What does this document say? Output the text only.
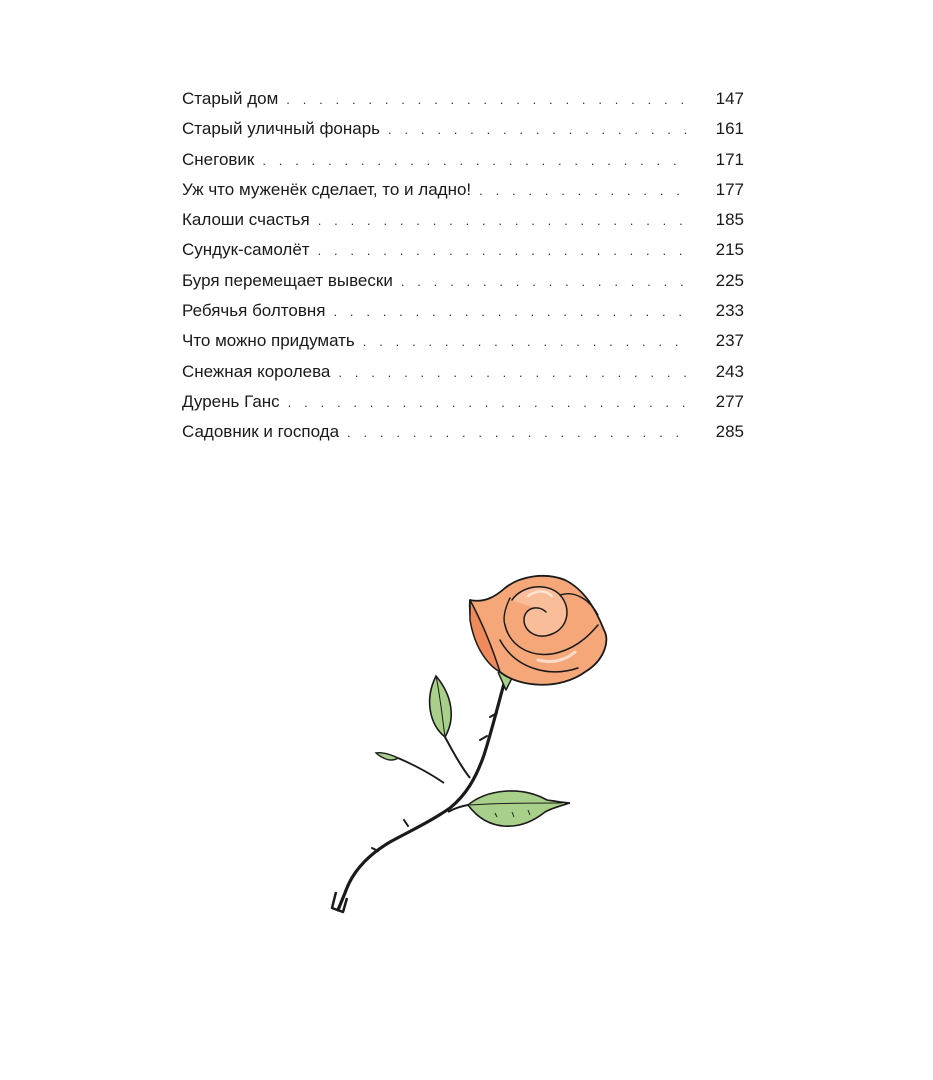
Старый дом . . .	147
Старый уличный фонарь . . .	161
Снеговик . . .	171
Уж что муженёк сделает, то и ладно! . . .	177
Калоши счастья . . .	185
Сундук-самолёт . . .	215
Буря перемещает вывески . . .	225
Ребячья болтовня . . .	233
Что можно придумать . . .	237
Снежная королева . . .	243
Дурень Ганс . . .	277
Садовник и господа . . .	285
